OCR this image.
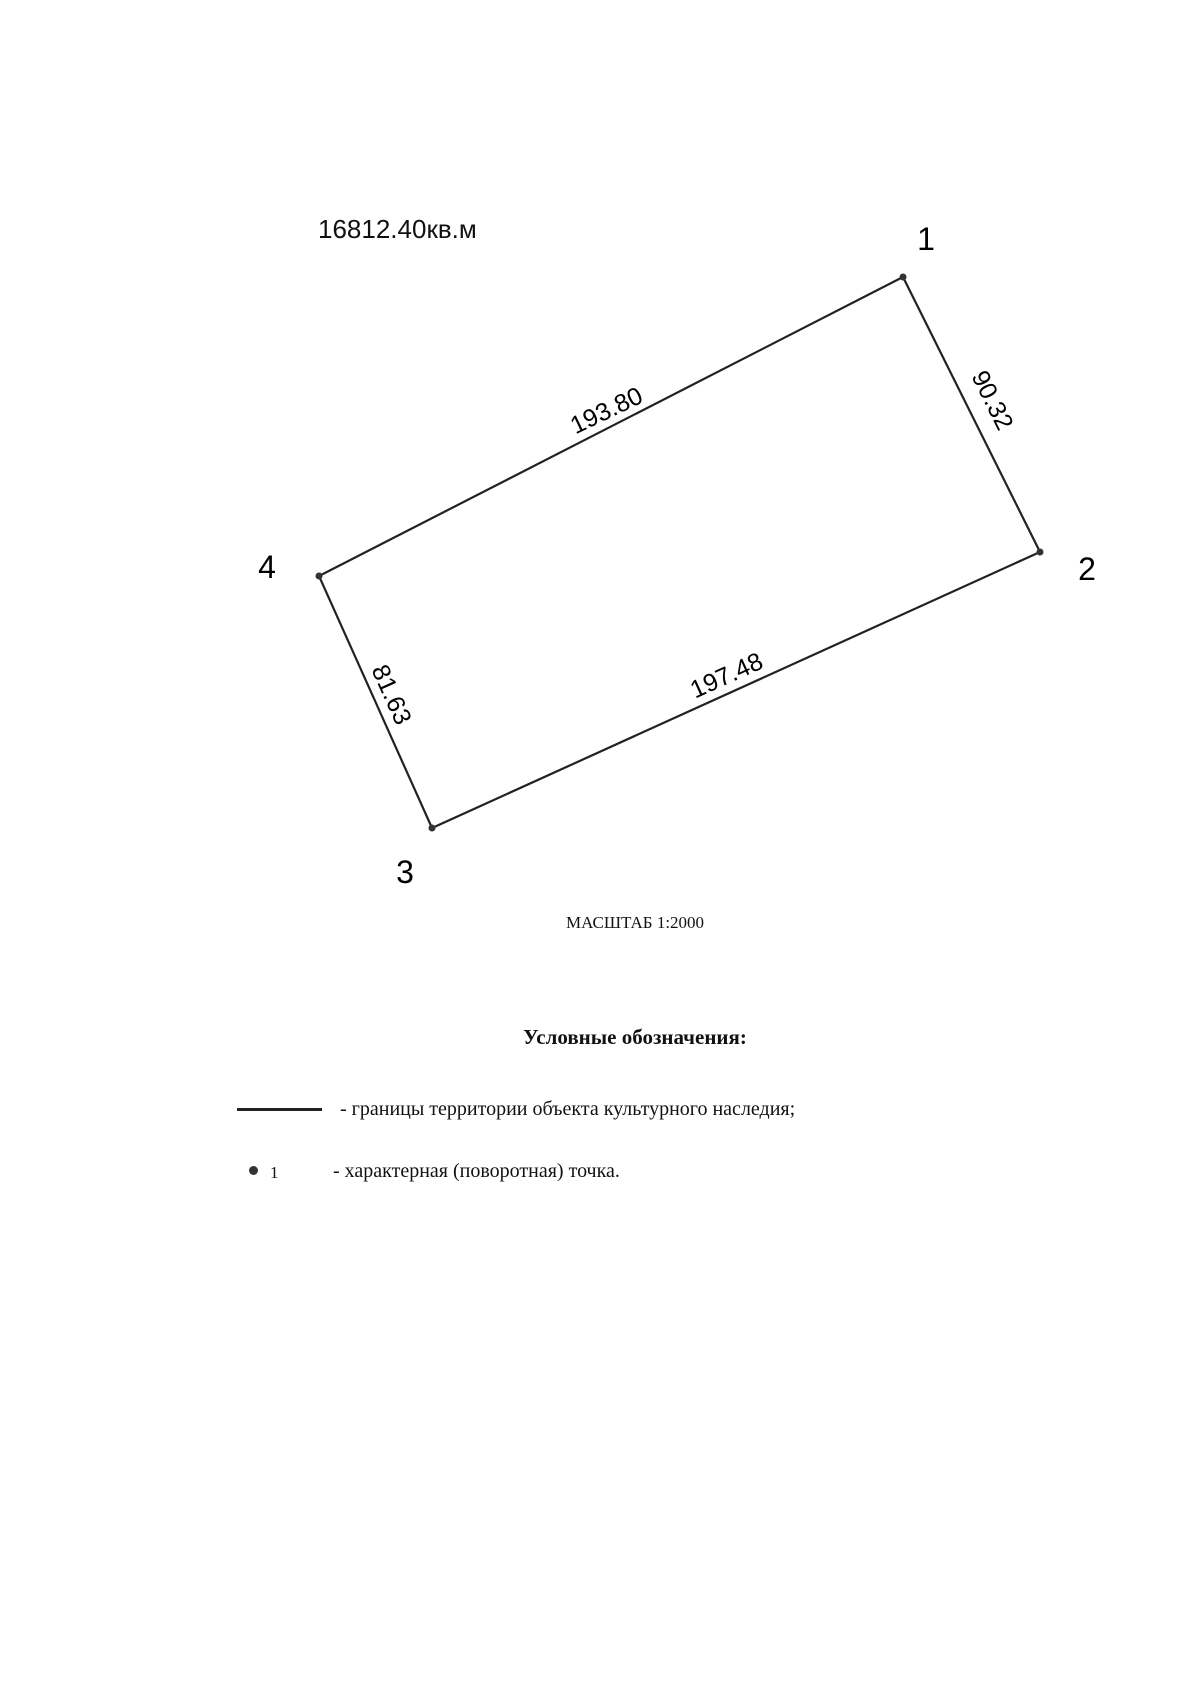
1
2
3
4
90.32
197.48
81.63
193.80
16812.40кв.м
МАСШТАБ 1:2000
Условные обозначения:
- границы территории объекта культурного наследия;
1	- характерная (поворотная) точка.
